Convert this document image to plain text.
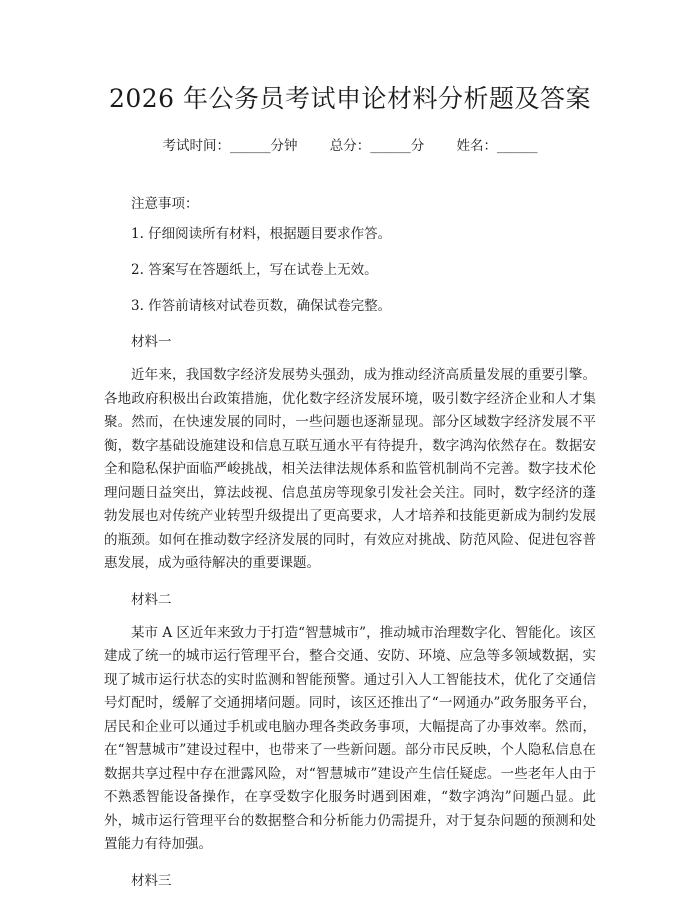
2026 年公务员考试申论材料分析题及答案
考试时间：______分钟 总分：______分 姓名：______
注意事项：
1. 仔细阅读所有材料，根据题目要求作答。
2. 答案写在答题纸上，写在试卷上无效。
3. 作答前请核对试卷页数，确保试卷完整。
材料一

近年来，我国数字经济发展势头强劲，成为推动经济高质量发展的重要引擎。各地政府积极出台政策措施，优化数字经济发展环境，吸引数字经济企业和人才集聚。然而，在快速发展的同时，一些问题也逐渐显现。部分区域数字经济发展不平衡，数字基础设施建设和信息互联互通水平有待提升，数字鸿沟依然存在。数据安全和隐私保护面临严峻挑战，相关法律法规体系和监管机制尚不完善。数字技术伦理问题日益突出，算法歧视、信息茧房等现象引发社会关注。同时，数字经济的蓬勃发展也对传统产业转型升级提出了更高要求，人才培养和技能更新成为制约发展的瓶颈。如何在推动数字经济发展的同时，有效应对挑战、防范风险、促进包容普惠发展，成为亟待解决的重要课题。

材料二

某市 A 区近年来致力于打造“智慧城市”，推动城市治理数字化、智能化。该区建成了统一的城市运行管理平台，整合交通、安防、环境、应急等多领域数据，实现了城市运行状态的实时监测和智能预警。通过引入人工智能技术，优化了交通信号灯配时，缓解了交通拥堵问题。同时，该区还推出了“一网通办”政务服务平台，居民和企业可以通过手机或电脑办理各类政务事项，大幅提高了办事效率。然而，在“智慧城市”建设过程中，也带来了一些新问题。部分市民反映，个人隐私信息在数据共享过程中存在泄露风险，对“智慧城市”建设产生信任疑虑。一些老年人由于不熟悉智能设备操作，在享受数字化服务时遇到困难，“数字鸿沟”问题凸显。此外，城市运行管理平台的数据整合和分析能力仍需提升，对于复杂问题的预测和处置能力有待加强。

材料三
